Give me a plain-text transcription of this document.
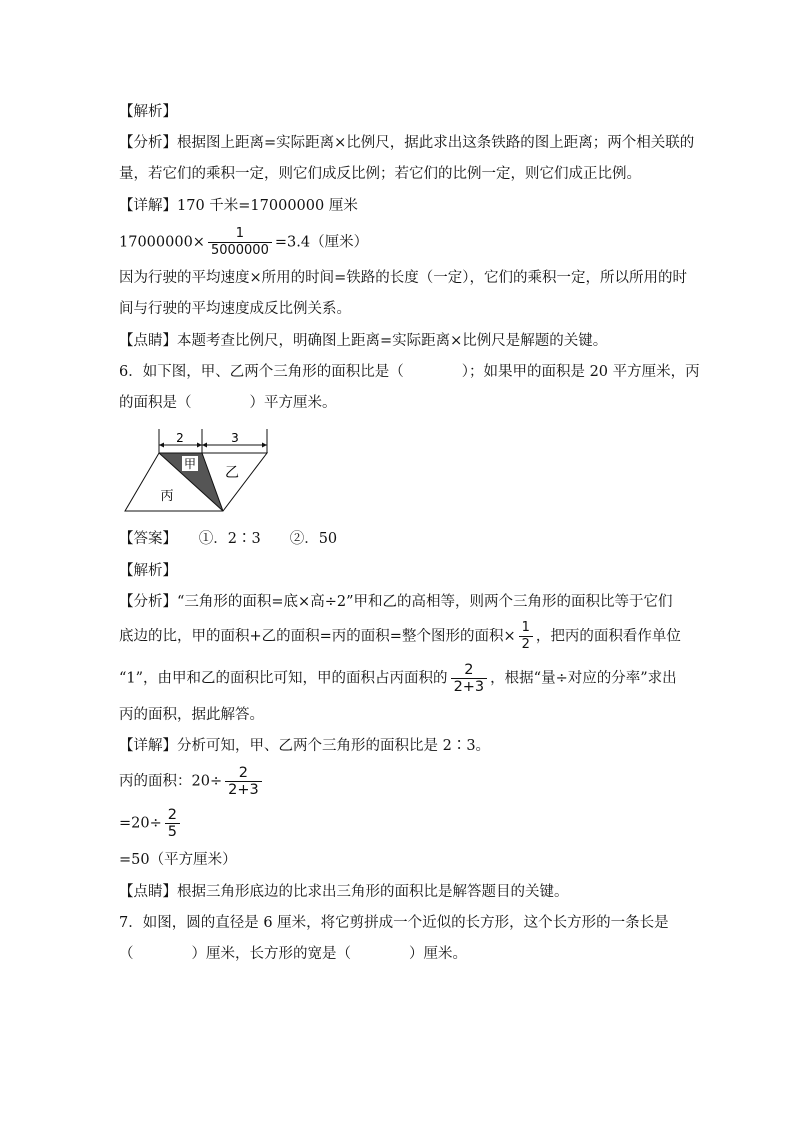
【解析】
【分析】根据图上距离=实际距离×比例尺，据此求出这条铁路的图上距离；两个相关联的
量，若它们的乘积一定，则它们成反比例；若它们的比例一定，则它们成正比例。
【详解】170 千米=17000000 厘米
$17000000\times \frac{1}{5000000} =3.4$（厘米）
因为行驶的平均速度×所用的时间=铁路的长度（一定），它们的乘积一定，所以所用的时
间与行驶的平均速度成反比例关系。
【点睛】本题考查比例尺，明确图上距离=实际距离×比例尺是解题的关键。
6．如下图，甲、乙两个三角形的面积比是（　　　　）；如果甲的面积是 20 平方厘米，丙
的面积是（　　　　）平方厘米。
2	3
甲
乙
丙
【答案】　　①．2∶3　　②．50
【解析】
【分析】“三角形的面积=底×高÷2”甲和乙的高相等，则两个三角形的面积比等于它们
底边的比，甲的面积+乙的面积=丙的面积=整个图形的面积× $\frac{1}{2}$ ，把丙的面积看作单位
“1”，由甲和乙的面积比可知，甲的面积占丙面积的 $\frac{2}{2+3}$ ，根据“量÷对应的分率”求出
丙的面积，据此解答。
【详解】分析可知，甲、乙两个三角形的面积比是 2∶3。
丙的面积：$20\div \frac{2}{2+3}$
$=20\div \frac{2}{5}$
=50（平方厘米）
【点睛】根据三角形底边的比求出三角形的面积比是解答题目的关键。
7．如图，圆的直径是 6 厘米，将它剪拼成一个近似的长方形，这个长方形的一条长是
（　　　　）厘米，长方形的宽是（　　　　）厘米。
